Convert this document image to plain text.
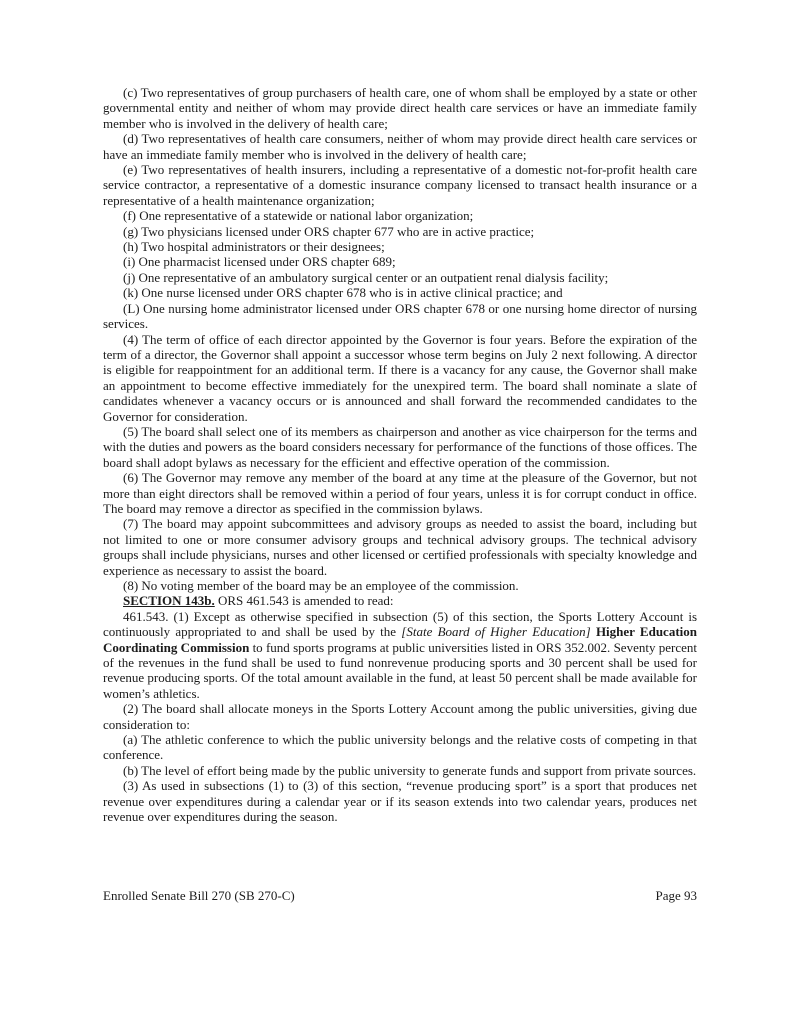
(c) Two representatives of group purchasers of health care, one of whom shall be employed by a state or other governmental entity and neither of whom may provide direct health care services or have an immediate family member who is involved in the delivery of health care;

(d) Two representatives of health care consumers, neither of whom may provide direct health care services or have an immediate family member who is involved in the delivery of health care;

(e) Two representatives of health insurers, including a representative of a domestic not-for-profit health care service contractor, a representative of a domestic insurance company licensed to transact health insurance or a representative of a health maintenance organization;

(f) One representative of a statewide or national labor organization;

(g) Two physicians licensed under ORS chapter 677 who are in active practice;

(h) Two hospital administrators or their designees;

(i) One pharmacist licensed under ORS chapter 689;

(j) One representative of an ambulatory surgical center or an outpatient renal dialysis facility;

(k) One nurse licensed under ORS chapter 678 who is in active clinical practice; and

(L) One nursing home administrator licensed under ORS chapter 678 or one nursing home director of nursing services.

(4) The term of office of each director appointed by the Governor is four years. Before the expiration of the term of a director, the Governor shall appoint a successor whose term begins on July 2 next following. A director is eligible for reappointment for an additional term. If there is a vacancy for any cause, the Governor shall make an appointment to become effective immediately for the unexpired term. The board shall nominate a slate of candidates whenever a vacancy occurs or is announced and shall forward the recommended candidates to the Governor for consideration.

(5) The board shall select one of its members as chairperson and another as vice chairperson for the terms and with the duties and powers as the board considers necessary for performance of the functions of those offices. The board shall adopt bylaws as necessary for the efficient and effective operation of the commission.

(6) The Governor may remove any member of the board at any time at the pleasure of the Governor, but not more than eight directors shall be removed within a period of four years, unless it is for corrupt conduct in office. The board may remove a director as specified in the commission bylaws.

(7) The board may appoint subcommittees and advisory groups as needed to assist the board, including but not limited to one or more consumer advisory groups and technical advisory groups. The technical advisory groups shall include physicians, nurses and other licensed or certified professionals with specialty knowledge and experience as necessary to assist the board.

(8) No voting member of the board may be an employee of the commission.

SECTION 143b. ORS 461.543 is amended to read:

461.543. (1) Except as otherwise specified in subsection (5) of this section, the Sports Lottery Account is continuously appropriated to and shall be used by the [State Board of Higher Education] Higher Education Coordinating Commission to fund sports programs at public universities listed in ORS 352.002. Seventy percent of the revenues in the fund shall be used to fund nonrevenue producing sports and 30 percent shall be used for revenue producing sports. Of the total amount available in the fund, at least 50 percent shall be made available for women’s athletics.

(2) The board shall allocate moneys in the Sports Lottery Account among the public universities, giving due consideration to:

(a) The athletic conference to which the public university belongs and the relative costs of competing in that conference.

(b) The level of effort being made by the public university to generate funds and support from private sources.

(3) As used in subsections (1) to (3) of this section, “revenue producing sport” is a sport that produces net revenue over expenditures during a calendar year or if its season extends into two calendar years, produces net revenue over expenditures during the season.

Enrolled Senate Bill 270 (SB 270-C)	Page 93
